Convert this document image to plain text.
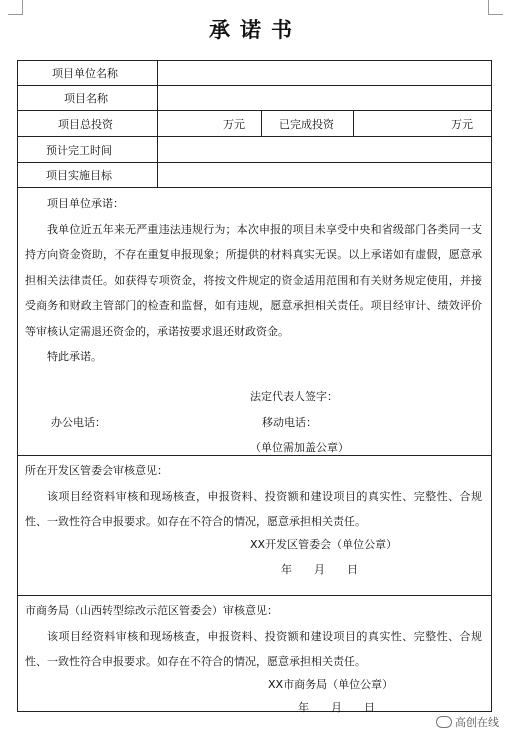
承诺书
项目单位名称
项目名称
项目总投资	万元	已完成投资	万元
预计完工时间
项目实施目标

项目单位承诺：

我单位近五年来无严重违法违规行为；本次申报的项目未享受中央和省级部门各类同一支持方向资金资助，不存在重复申报现象；所提供的材料真实无误。以上承诺如有虚假，愿意承担相关法律责任。如获得专项资金，将按文件规定的资金适用范围和有关财务规定使用，并接受商务和财政主管部门的检查和监督，如有违规，愿意承担相关责任。项目经审计、绩效评价等审核认定需退还资金的，承诺按要求退还财政资金。

特此承诺。

法定代表人签字：
办公电话：	移动电话：
（单位需加盖公章）

所在开发区管委会审核意见：

该项目经资料审核和现场核查，申报资料、投资额和建设项目的真实性、完整性、合规性、一致性符合申报要求。如存在不符合的情况，愿意承担相关责任。

XX开发区管委会（单位公章）
年　　月　　日

市商务局（山西转型综改示范区管委会）审核意见：

该项目经资料审核和现场核查，申报资料、投资额和建设项目的真实性、完整性、合规性、一致性符合申报要求。如存在不符合的情况，愿意承担相关责任。

XX市商务局（单位公章）
年　　月　　日
高创在线
